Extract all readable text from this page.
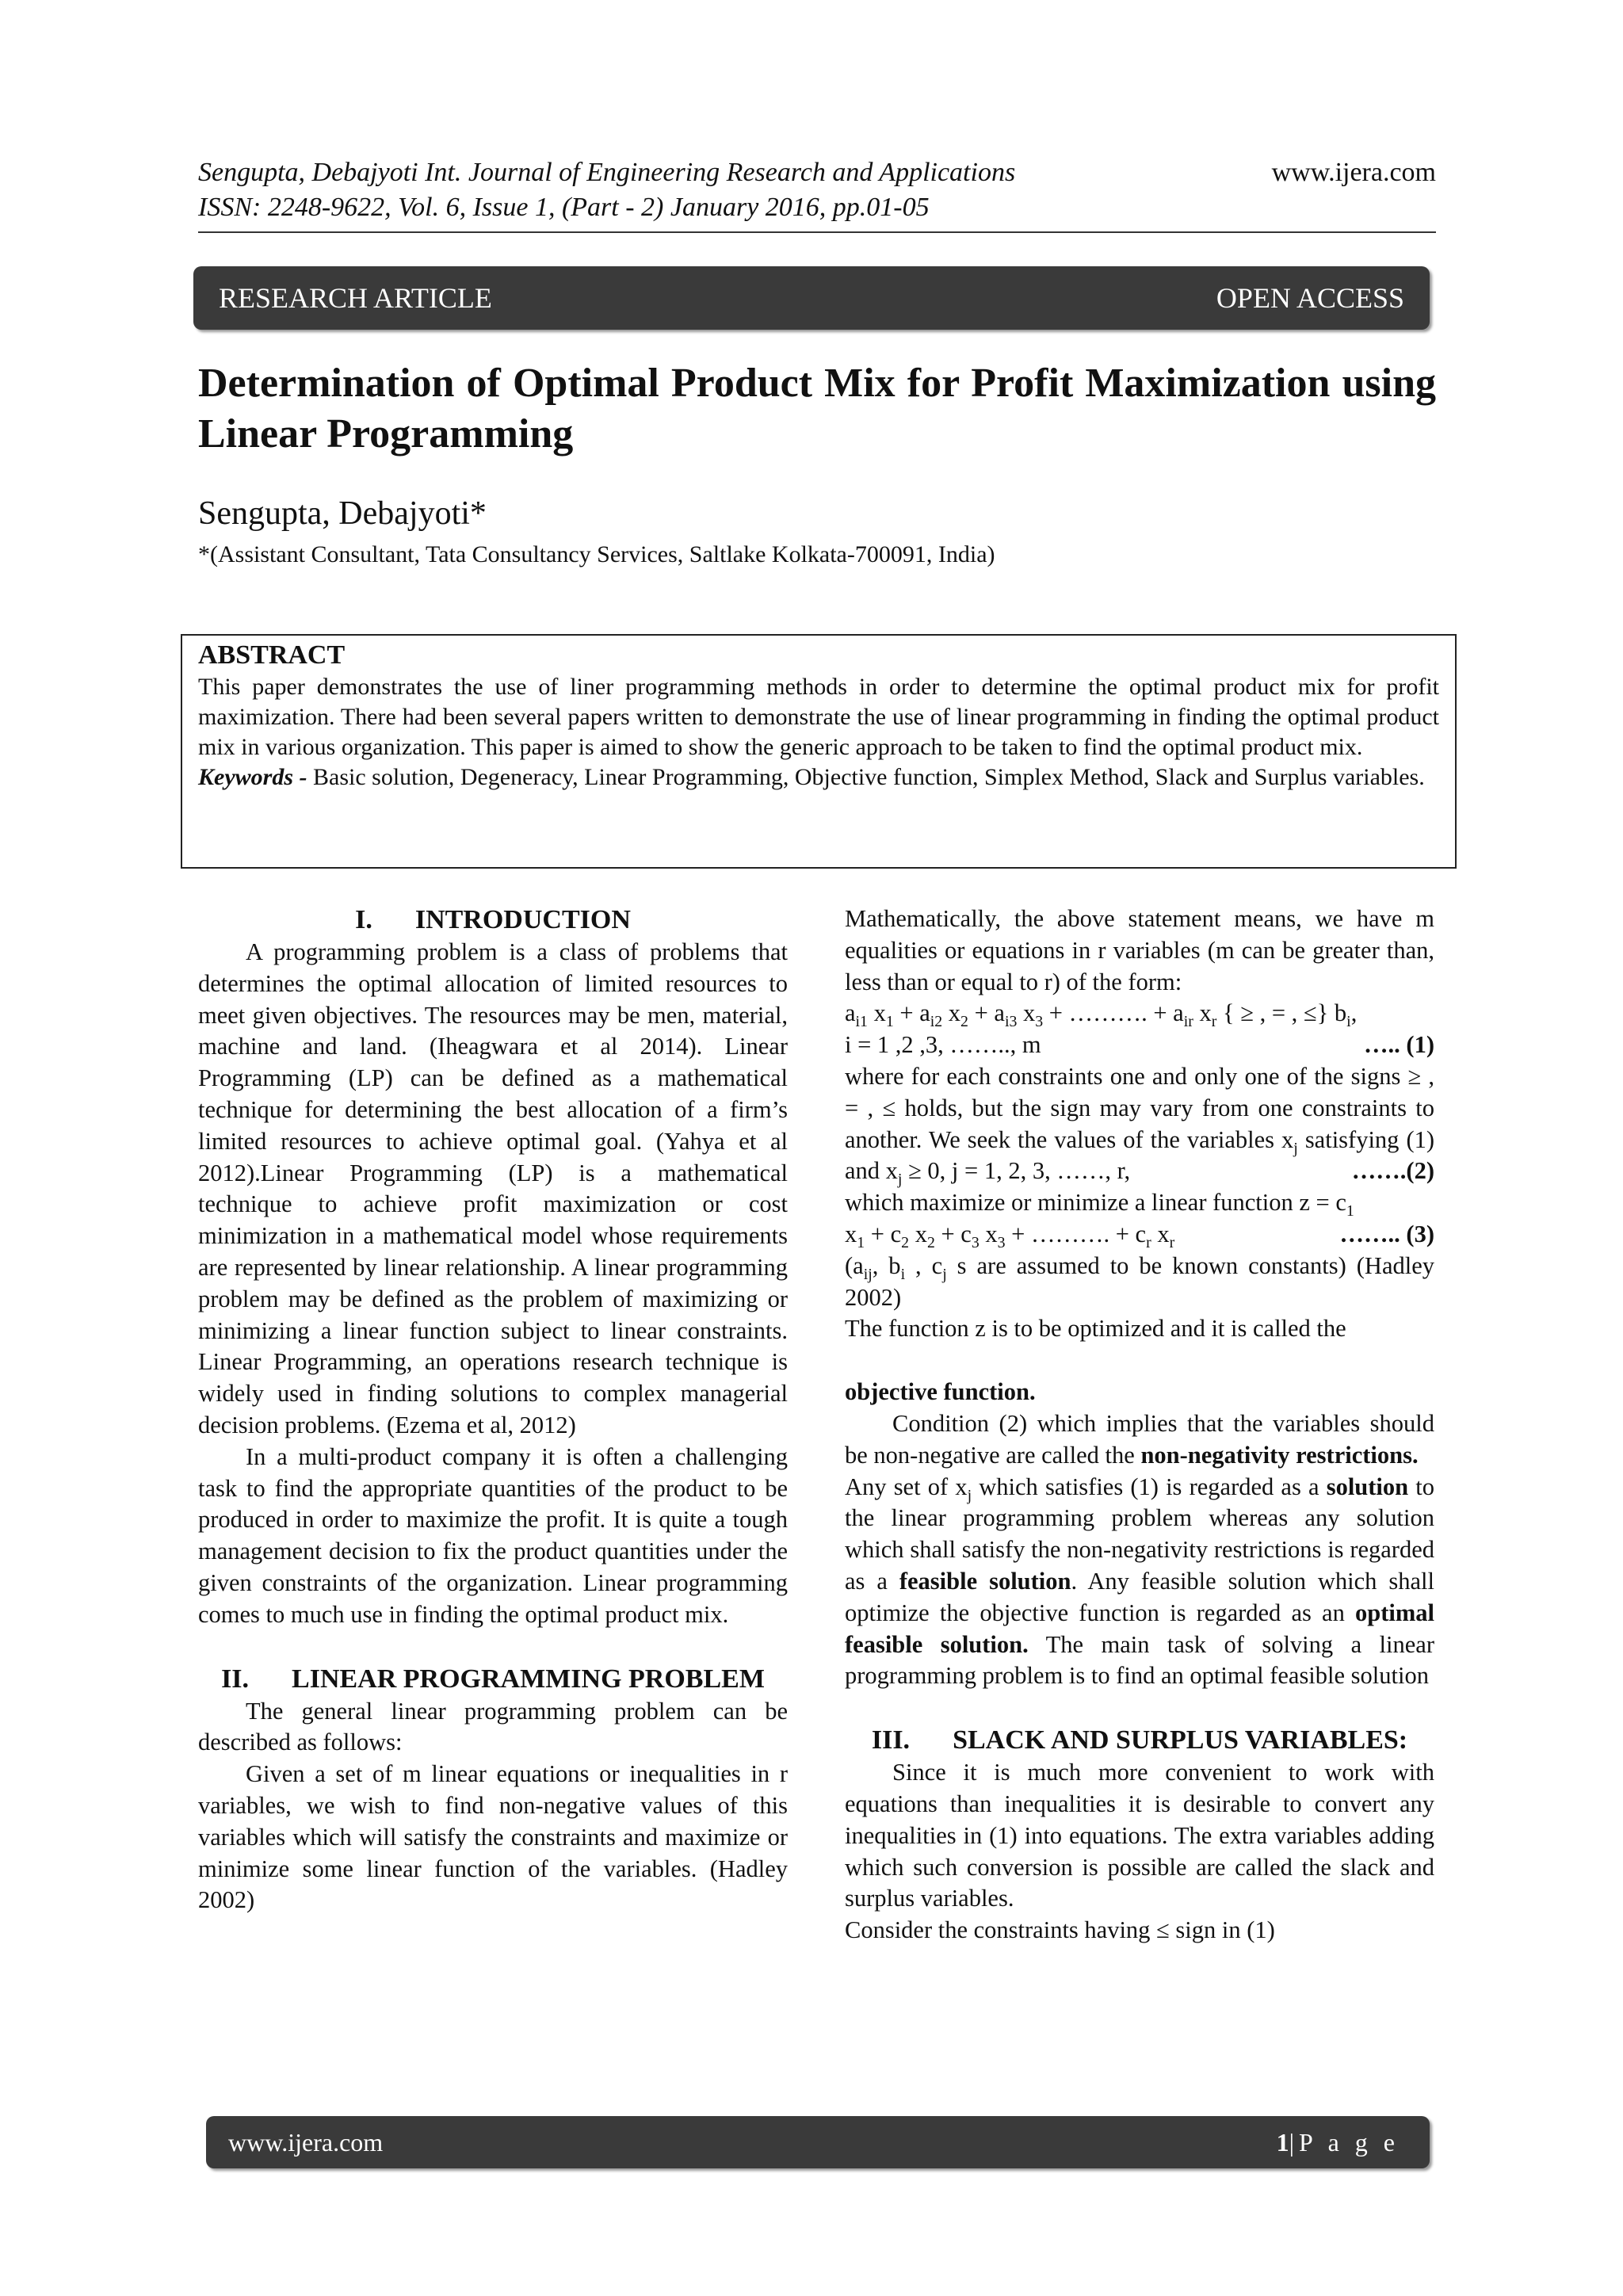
Sengupta, Debajyoti Int. Journal of Engineering Research and Applications
ISSN: 2248-9622, Vol. 6, Issue 1, (Part - 2) January 2016, pp.01-05
www.ijera.com
RESEARCH ARTICLE	OPEN ACCESS
Determination of Optimal Product Mix for Profit Maximization using Linear Programming
Sengupta, Debajyoti*
*(Assistant Consultant, Tata Consultancy Services, Saltlake Kolkata-700091, India)
ABSTRACT

This paper demonstrates the use of liner programming methods in order to determine the optimal product mix for profit maximization. There had been several papers written to demonstrate the use of linear programming in finding the optimal product mix in various organization. This paper is aimed to show the generic approach to be taken to find the optimal product mix.

Keywords - Basic solution, Degeneracy, Linear Programming, Objective function, Simplex Method, Slack and Surplus variables.

I. INTRODUCTION

A programming problem is a class of problems that determines the optimal allocation of limited resources to meet given objectives. The resources may be men, material, machine and land. (Iheagwara et al 2014). Linear Programming (LP) can be defined as a mathematical technique for determining the best allocation of a firm’s limited resources to achieve optimal goal. (Yahya et al 2012).Linear Programming (LP) is a mathematical technique to achieve profit maximization or cost minimization in a mathematical model whose requirements are represented by linear relationship. A linear programming problem may be defined as the problem of maximizing or minimizing a linear function subject to linear constraints. Linear Programming, an operations research technique is widely used in finding solutions to complex managerial decision problems. (Ezema et al, 2012)

In a multi-product company it is often a challenging task to find the appropriate quantities of the product to be produced in order to maximize the profit. It is quite a tough management decision to fix the product quantities under the given constraints of the organization. Linear programming comes to much use in finding the optimal product mix.

II. LINEAR PROGRAMMING PROBLEM

The general linear programming problem can be described as follows:

Given a set of m linear equations or inequalities in r variables, we wish to find non-negative values of this variables which will satisfy the constraints and maximize or minimize some linear function of the variables. (Hadley 2002)

Mathematically, the above statement means, we have m equalities or equations in r variables (m can be greater than, less than or equal to r) of the form:

$a_{i1}$ $x_1 + a_{i2}$ $x_2 + a_{i3}$ $x_3$ + ………. + $a_{ir}$ $x_r$ { ≥ , = , ≤} $b_i$,

i = 1 ,2 ,3, …….., m	….. (1)

where for each constraints one and only one of the signs ≥ , = , ≤ holds, but the sign may vary from one constraints to another. We seek the values of the variables $x_j$ satisfying (1) and $x_j \ge 0$, j = 1, 2, 3, ……, r,	…….(2)

which maximize or minimize a linear function $z = c_1$

$x_1 + c_2$ $x_2 + c_3$ $x_3$ + ………. + $c_r$ $x_r$	…….. (3)

($a_{ij}$, $b_i$ , $c_j$ s are assumed to be known constants) (Hadley 2002)

The function z is to be optimized and it is called the

objective function.

Condition (2) which implies that the variables should be non-negative are called the non-negativity restrictions.

Any set of $x_j$ which satisfies (1) is regarded as a solution to the linear programming problem whereas any solution which shall satisfy the non-negativity restrictions is regarded as a feasible solution. Any feasible solution which shall optimize the objective function is regarded as an optimal feasible solution. The main task of solving a linear programming problem is to find an optimal feasible solution

III. SLACK AND SURPLUS VARIABLES:

Since it is much more convenient to work with equations than inequalities it is desirable to convert any inequalities in (1) into equations. The extra variables adding which such conversion is possible are called the slack and surplus variables.

Consider the constraints having ≤ sign in (1)

www.ijera.com	1|P a g e
